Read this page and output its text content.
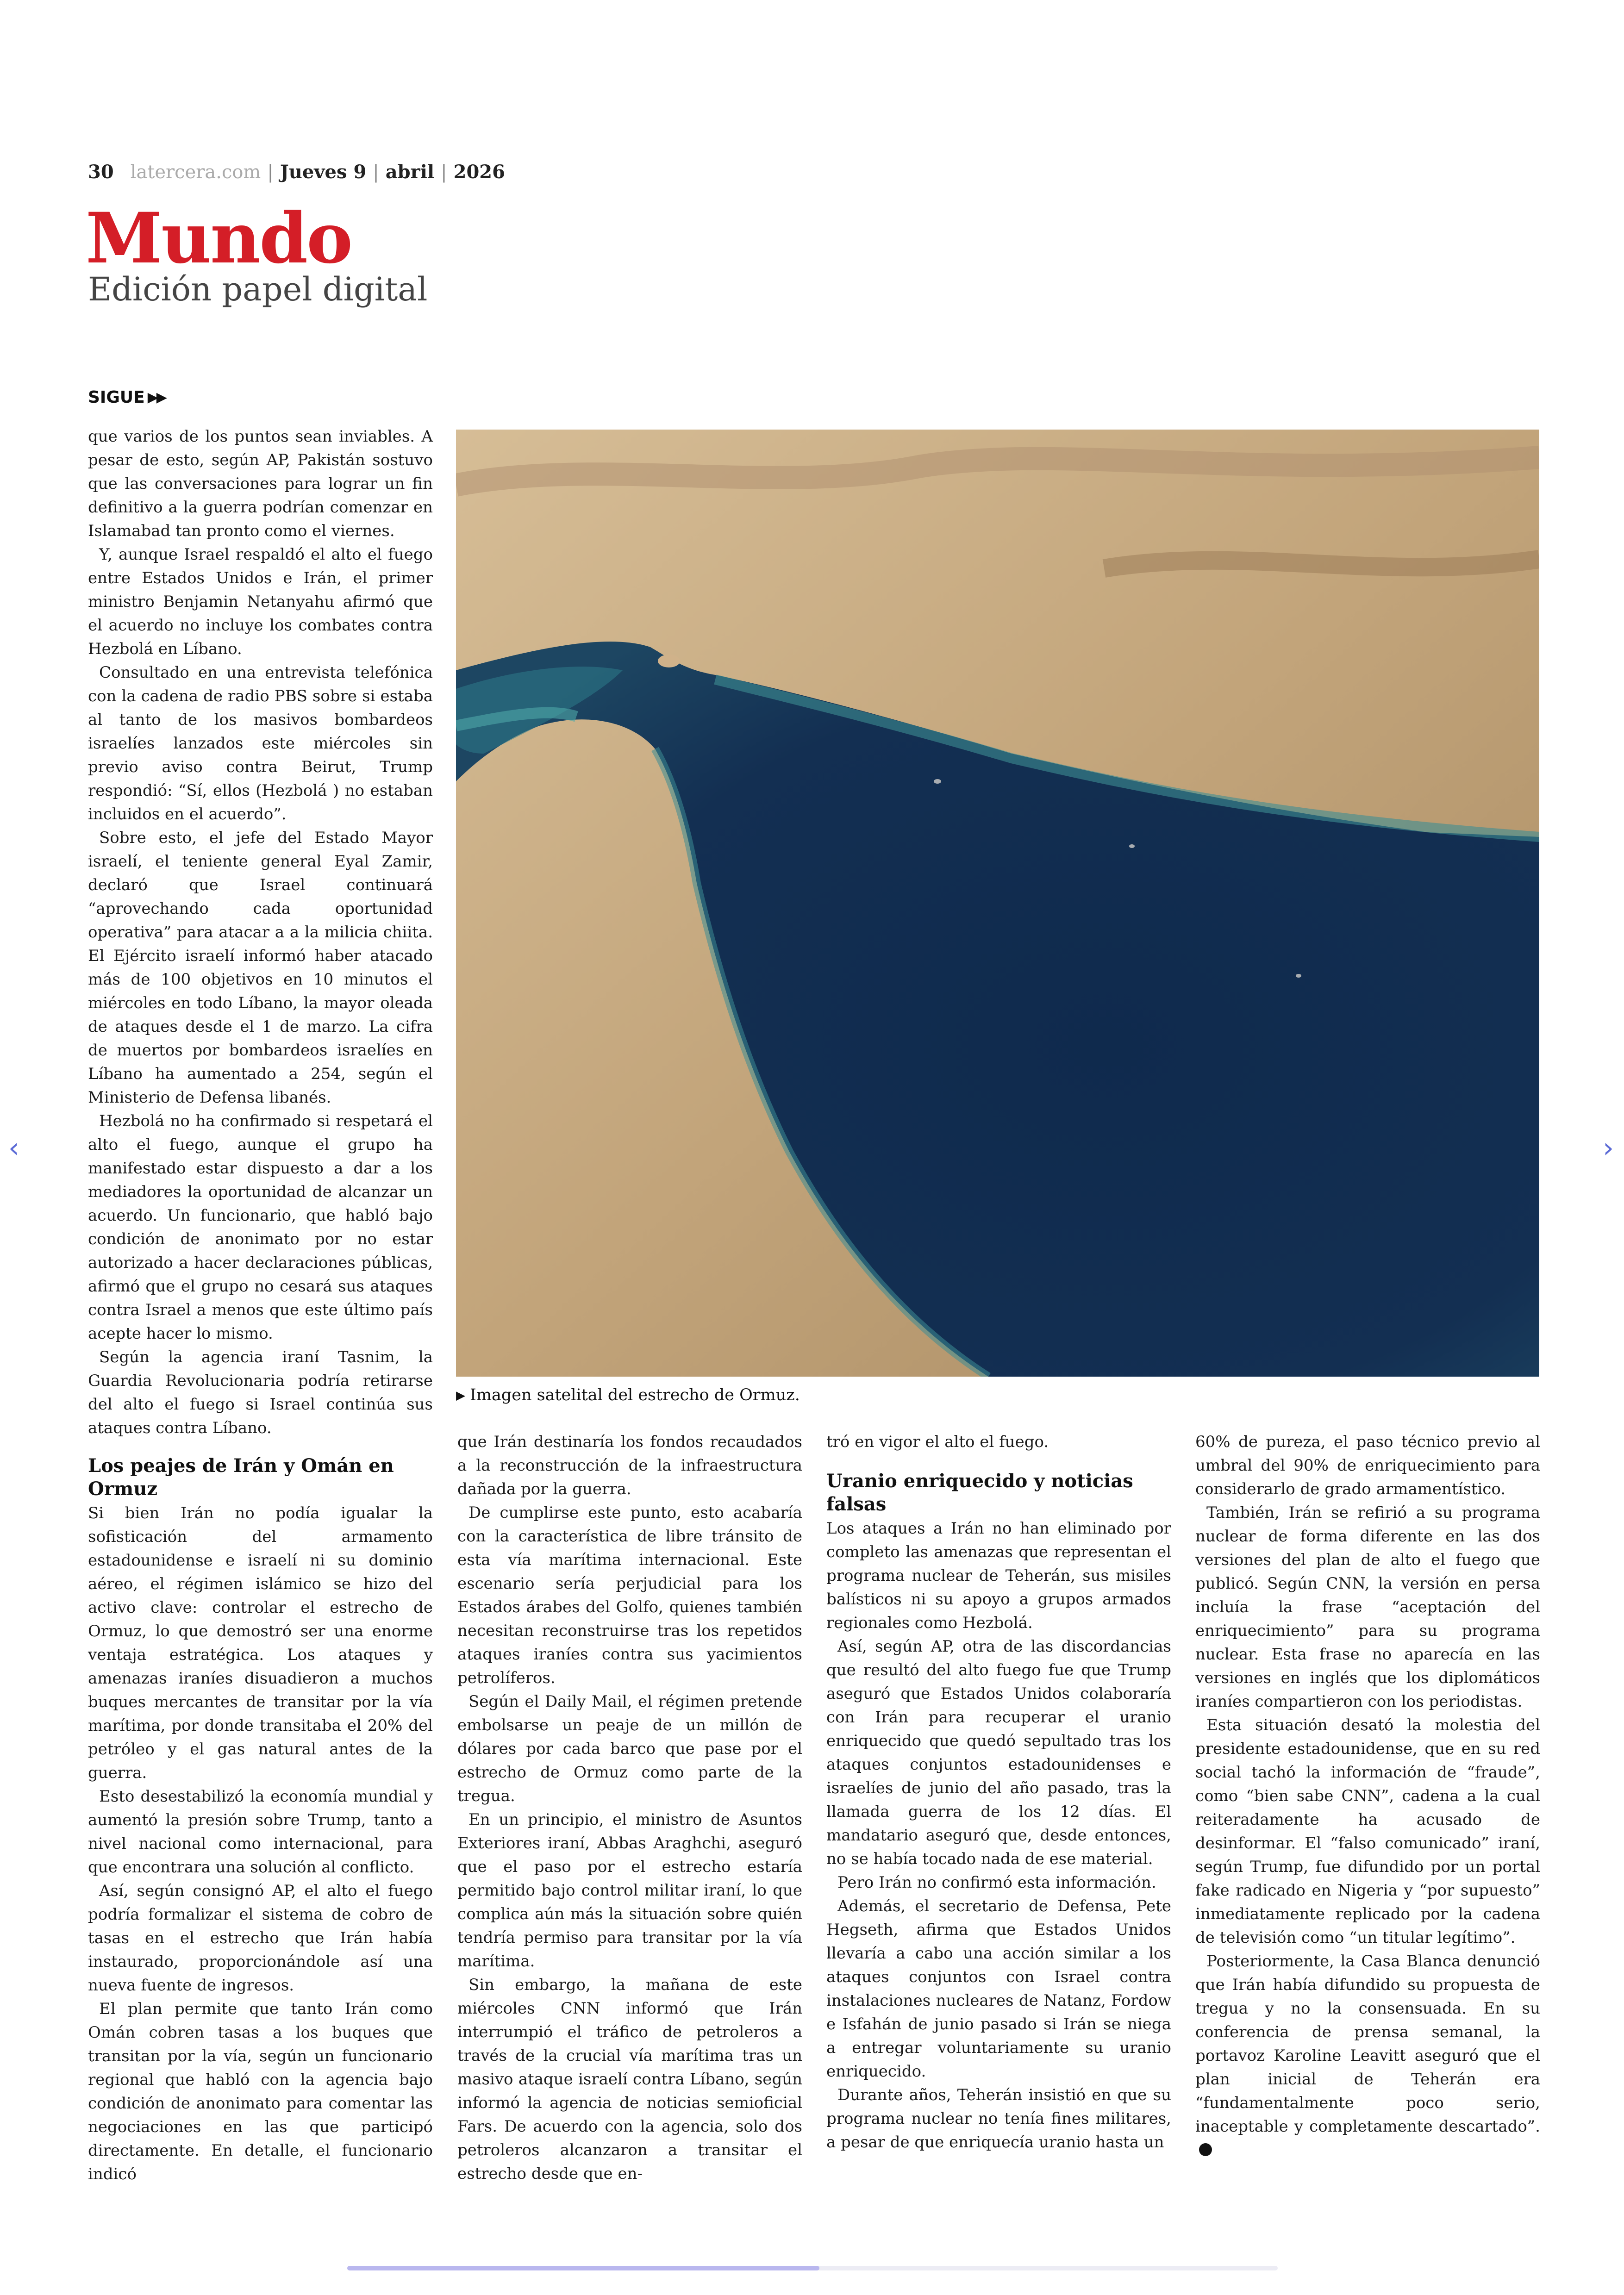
30 latercera.com | Jueves 9 | abril | 2026
Mundo
Edición papel digital
SIGUE ▶▶

que varios de los puntos sean inviables. A pesar de esto, según AP, Pakistán sostuvo que las conversaciones para lograr un fin definitivo a la guerra podrían comenzar en Islamabad tan pronto como el viernes.

Y, aunque Israel respaldó el alto el fuego entre Estados Unidos e Irán, el primer ministro Benjamin Netanyahu afirmó que el acuerdo no incluye los combates contra Hezbolá en Líbano.

Consultado en una entrevista telefónica con la cadena de radio PBS sobre si estaba al tanto de los masivos bombardeos israelíes lanzados este miércoles sin previo aviso contra Beirut, Trump respondió: “Sí, ellos (Hezbolá ) no estaban incluidos en el acuerdo”.

Sobre esto, el jefe del Estado Mayor israelí, el teniente general Eyal Zamir, declaró que Israel continuará “aprovechando cada oportunidad operativa” para atacar a a la milicia chiita. El Ejército israelí informó haber atacado más de 100 objetivos en 10 minutos el miércoles en todo Líbano, la mayor oleada de ataques desde el 1 de marzo. La cifra de muertos por bombardeos israelíes en Líbano ha aumentado a 254, según el Ministerio de Defensa libanés.

Hezbolá no ha confirmado si respetará el alto el fuego, aunque el grupo ha manifestado estar dispuesto a dar a los mediadores la oportunidad de alcanzar un acuerdo. Un funcionario, que habló bajo condición de anonimato por no estar autorizado a hacer declaraciones públicas, afirmó que el grupo no cesará sus ataques contra Israel a menos que este último país acepte hacer lo mismo.

Según la agencia iraní Tasnim, la Guardia Revolucionaria podría retirarse del alto el fuego si Israel continúa sus ataques contra Líbano.

▶ Imagen satelital del estrecho de Ormuz.
Los peajes de Irán y Omán en Ormuz

Si bien Irán no podía igualar la sofisticación del armamento estadounidense e israelí ni su dominio aéreo, el régimen islámico se hizo del activo clave: controlar el estrecho de Ormuz, lo que demostró ser una enorme ventaja estratégica. Los ataques y amenazas iraníes disuadieron a muchos buques mercantes de transitar por la vía marítima, por donde transitaba el 20% del petróleo y el gas natural antes de la guerra.

Esto desestabilizó la economía mundial y aumentó la presión sobre Trump, tanto a nivel nacional como internacional, para que encontrara una solución al conflicto.

Así, según consignó AP, el alto el fuego podría formalizar el sistema de cobro de tasas en el estrecho que Irán había instaurado, proporcionándole así una nueva fuente de ingresos.

El plan permite que tanto Irán como Omán cobren tasas a los buques que transitan por la vía, según un funcionario regional que habló con la agencia bajo condición de anonimato para comentar las negociaciones en las que participó directamente. En detalle, el funcionario indicó

que Irán destinaría los fondos recaudados a la reconstrucción de la infraestructura dañada por la guerra.

De cumplirse este punto, esto acabaría con la característica de libre tránsito de esta vía marítima internacional. Este escenario sería perjudicial para los Estados árabes del Golfo, quienes también necesitan reconstruirse tras los repetidos ataques iraníes contra sus yacimientos petrolíferos.

Según el Daily Mail, el régimen pretende embolsarse un peaje de un millón de dólares por cada barco que pase por el estrecho de Ormuz como parte de la tregua.

En un principio, el ministro de Asuntos Exteriores iraní, Abbas Araghchi, aseguró que el paso por el estrecho estaría permitido bajo control militar iraní, lo que complica aún más la situación sobre quién tendría permiso para transitar por la vía marítima.

Sin embargo, la mañana de este miércoles CNN informó que Irán interrumpió el tráfico de petroleros a través de la crucial vía marítima tras un masivo ataque israelí contra Líbano, según informó la agencia de noticias semioficial Fars. De acuerdo con la agencia, solo dos petroleros alcanzaron a transitar el estrecho desde que en-

tró en vigor el alto el fuego.

Uranio enriquecido y noticias falsas

Los ataques a Irán no han eliminado por completo las amenazas que representan el programa nuclear de Teherán, sus misiles balísticos ni su apoyo a grupos armados regionales como Hezbolá.

Así, según AP, otra de las discordancias que resultó del alto fuego fue que Trump aseguró que Estados Unidos colaboraría con Irán para recuperar el uranio enriquecido que quedó sepultado tras los ataques conjuntos estadounidenses e israelíes de junio del año pasado, tras la llamada guerra de los 12 días. El mandatario aseguró que, desde entonces, no se había tocado nada de ese material.

Pero Irán no confirmó esta información.

Además, el secretario de Defensa, Pete Hegseth, afirma que Estados Unidos llevaría a cabo una acción similar a los ataques conjuntos con Israel contra instalaciones nucleares de Natanz, Fordow e Isfahán de junio pasado si Irán se niega a entregar voluntariamente su uranio enriquecido.

Durante años, Teherán insistió en que su programa nuclear no tenía fines militares, a pesar de que enriquecía uranio hasta un

60% de pureza, el paso técnico previo al umbral del 90% de enriquecimiento para considerarlo de grado armamentístico.

También, Irán se refirió a su programa nuclear de forma diferente en las dos versiones del plan de alto el fuego que publicó. Según CNN, la versión en persa incluía la frase “aceptación del enriquecimiento” para su programa nuclear. Esta frase no aparecía en las versiones en inglés que los diplomáticos iraníes compartieron con los periodistas.

Esta situación desató la molestia del presidente estadounidense, que en su red social tachó la información de “fraude”, como “bien sabe CNN”, cadena a la cual reiteradamente ha acusado de desinformar. El “falso comunicado” iraní, según Trump, fue difundido por un portal fake radicado en Nigeria y “por supuesto” inmediatamente replicado por la cadena de televisión como “un titular legítimo”.

Posteriormente, la Casa Blanca denunció que Irán había difundido su propuesta de tregua y no la consensuada. En su conferencia de prensa semanal, la portavoz Karoline Leavitt aseguró que el plan inicial de Teherán era “fundamentalmente poco serio, inaceptable y completamente descartado”.

‹	›
